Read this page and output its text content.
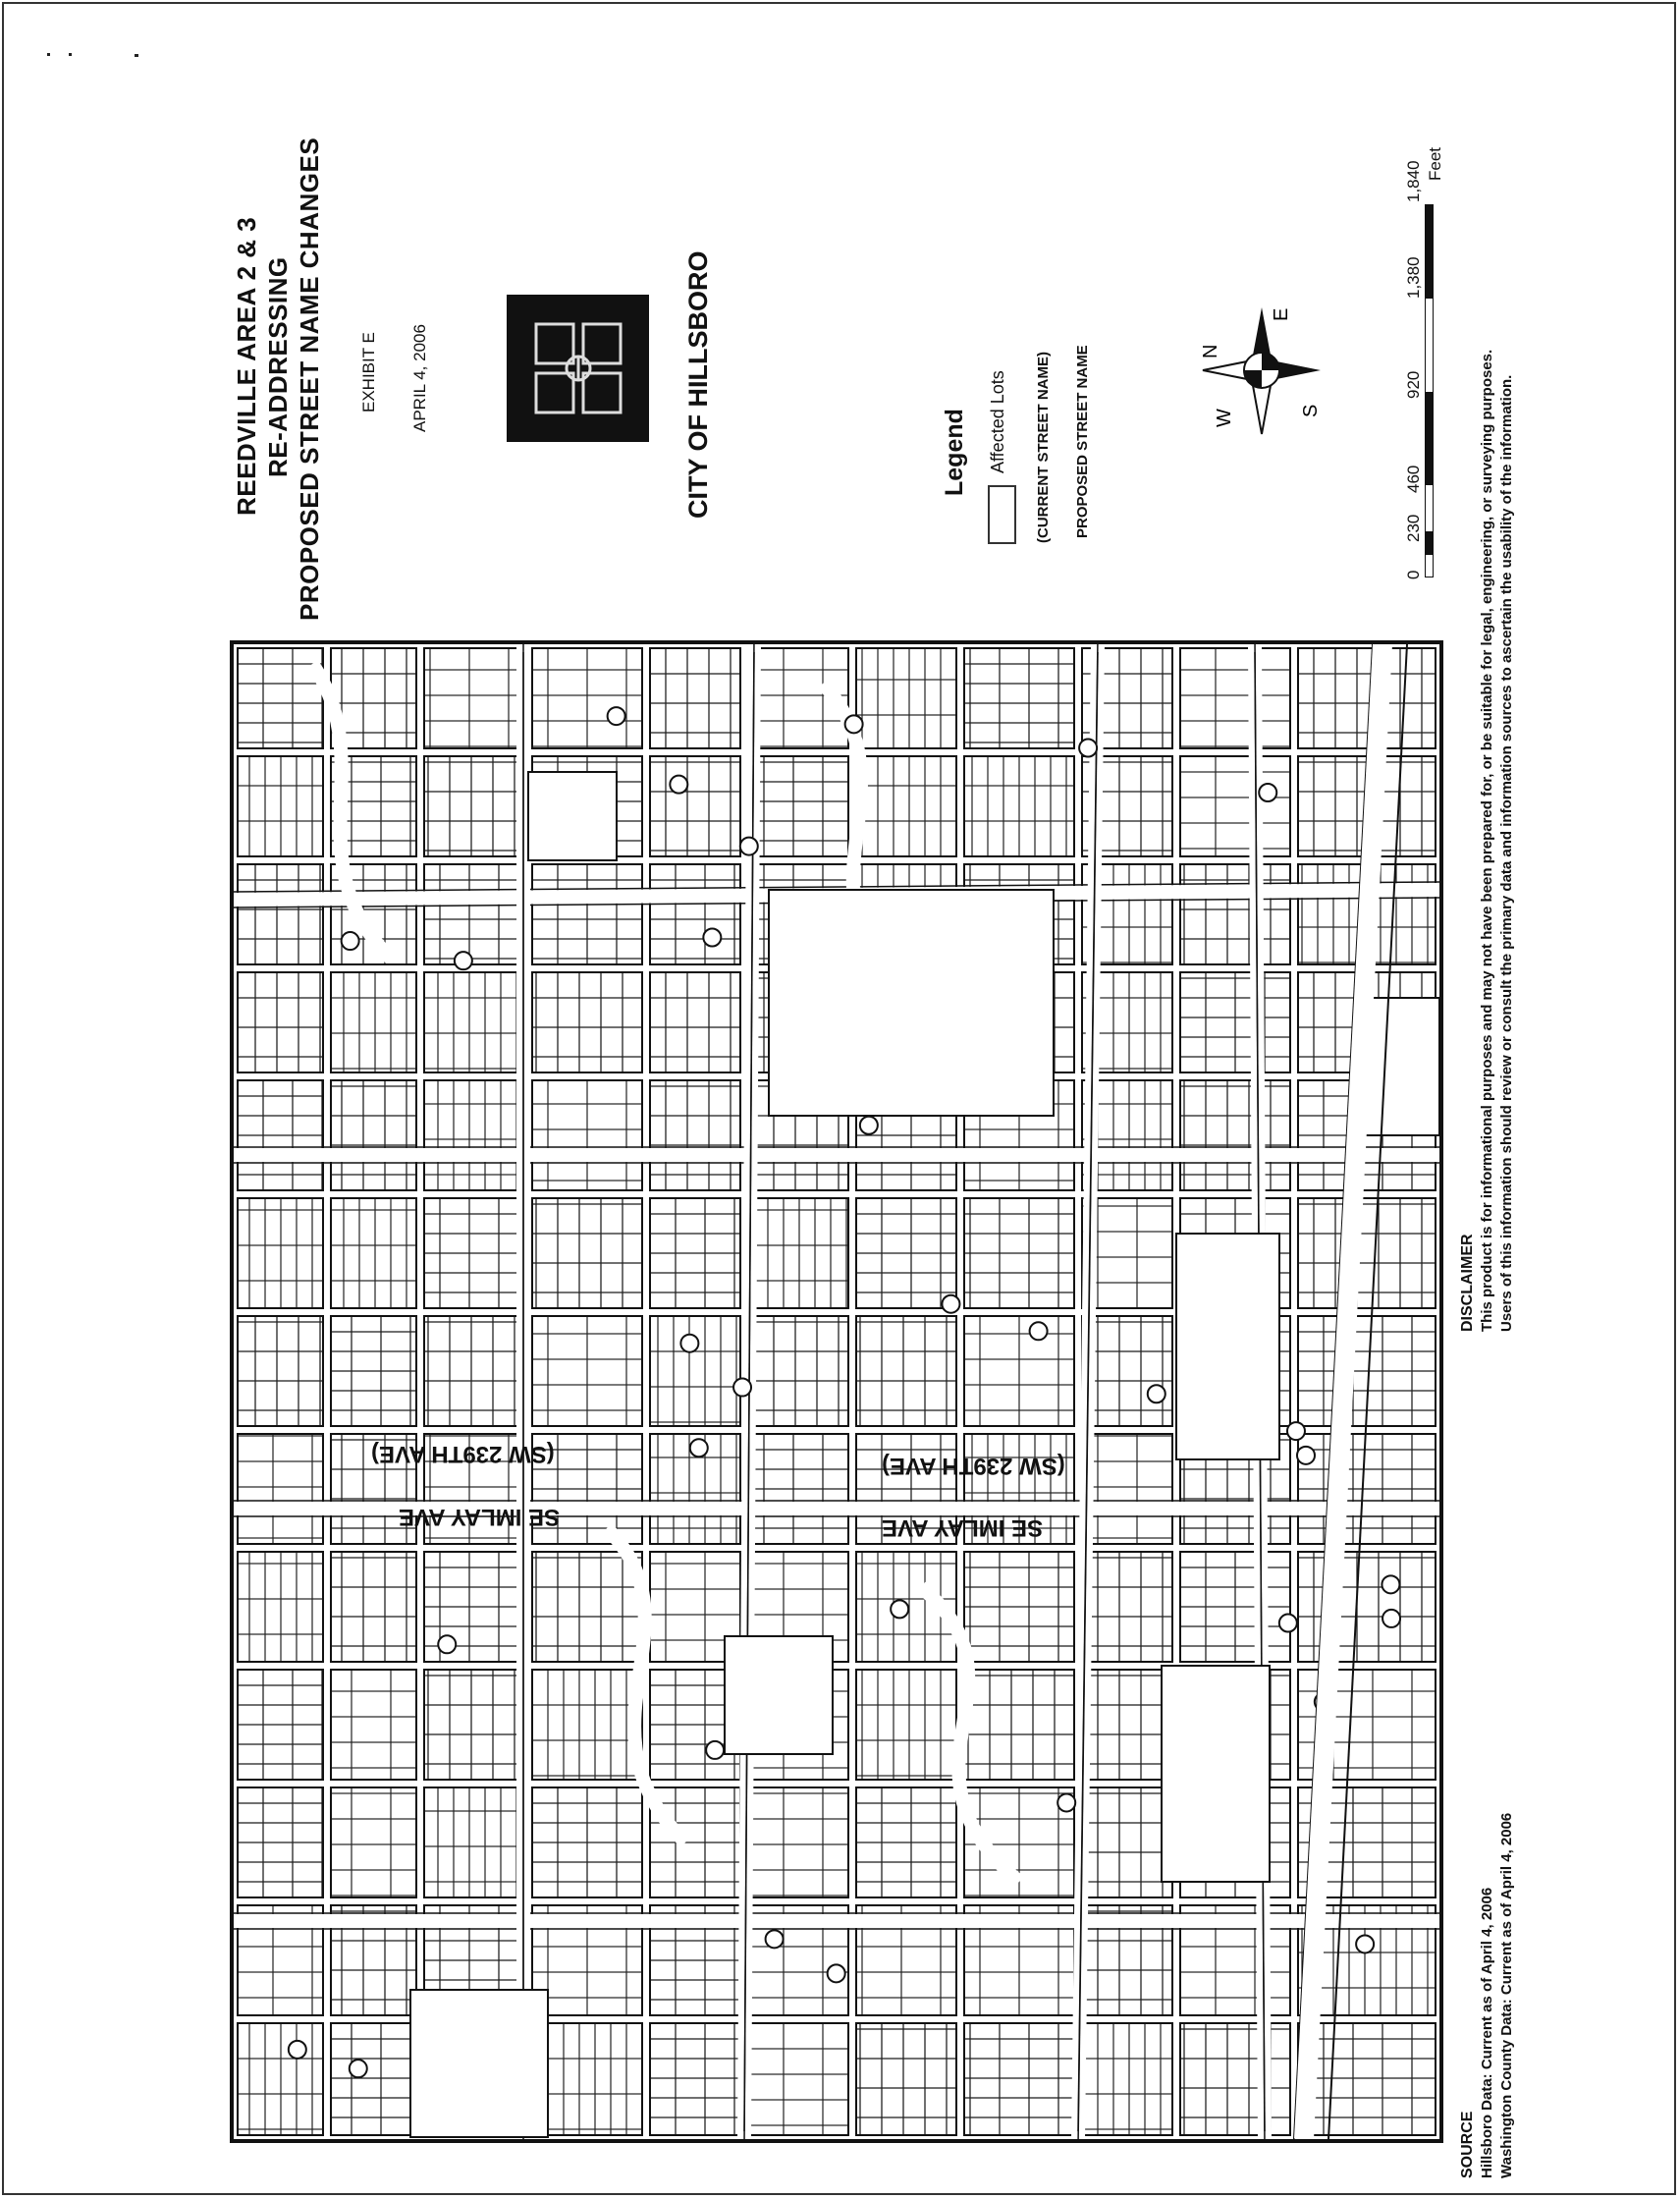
REEDVILLE AREA 2 & 3 RE-ADDRESSING PROPOSED STREET NAME CHANGES EXHIBIT E APRIL 4, 2006	CITY OF HILLSBORO	Legend Affected Lots (CURRENT STREET NAME) PROPOSED STREET NAME	W	S
N
E
0
230
460
920
1,380
1,840 Feet
DISCLAIMER This product is for informational purposes and may not have been prepared for, or be suitable for legal, engineering, or surveying purposes. Users of this information should review or consult the primary data and information sources to ascertain the usability of the information.
SOURCE Hillsboro Data: Current as of April 4, 2006 Washington County Data: Current as of April 4, 2006
(SW 239TH AVE)
SE IMLAY AVE
(SW 239TH AVE)
SE IMLAY AVE
